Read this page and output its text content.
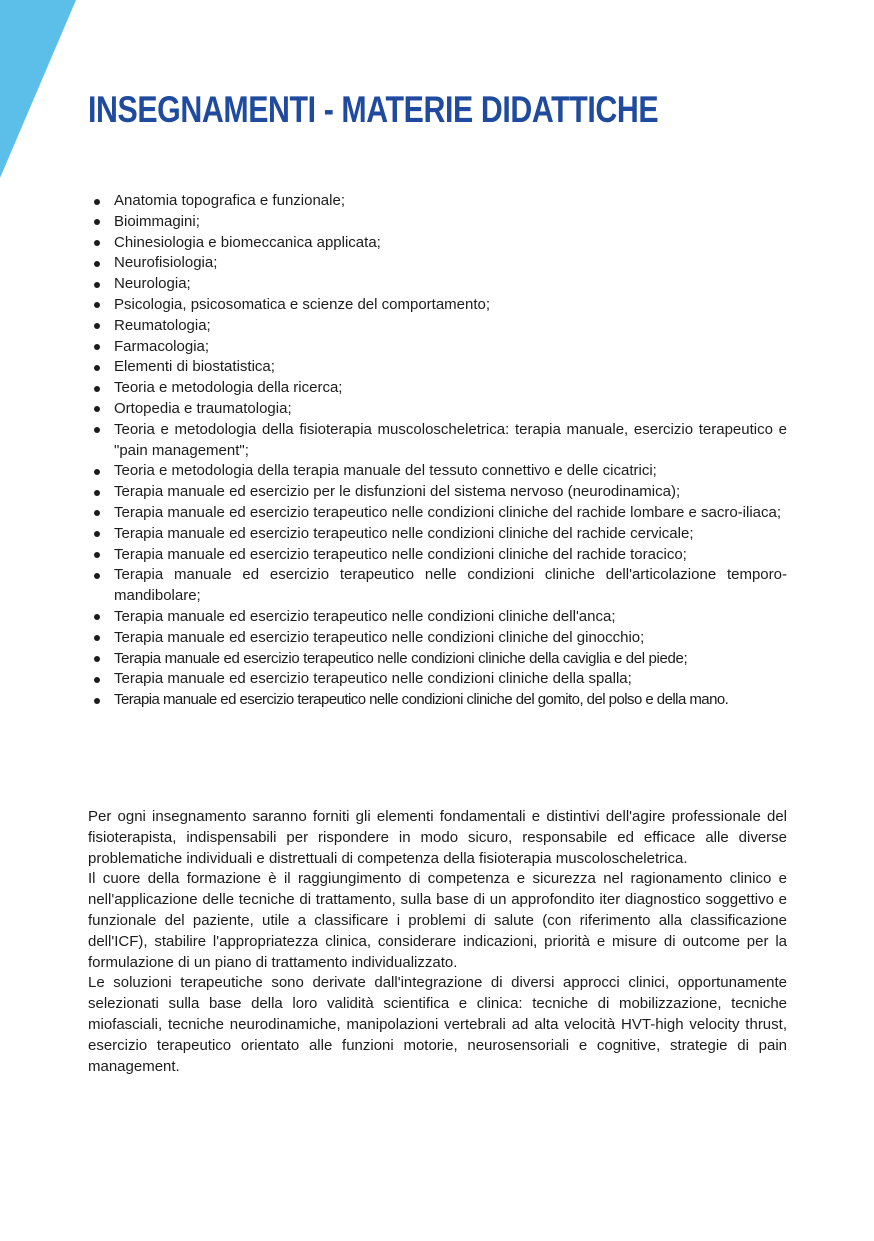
INSEGNAMENTI - MATERIE DIDATTICHE
Anatomia topografica e funzionale;
Bioimmagini;
Chinesiologia e biomeccanica applicata;
Neurofisiologia;
Neurologia;
Psicologia, psicosomatica e scienze del comportamento;
Reumatologia;
Farmacologia;
Elementi di biostatistica;
Teoria e metodologia della ricerca;
Ortopedia e traumatologia;
Teoria e metodologia della fisioterapia muscoloscheletrica: terapia manuale, esercizio terapeutico e "pain management";
Teoria e metodologia della terapia manuale del tessuto connettivo e delle cicatrici;
Terapia manuale ed esercizio per le disfunzioni del sistema nervoso (neurodinamica);
Terapia manuale ed esercizio terapeutico nelle condizioni cliniche del rachide lombare e sacro-iliaca;
Terapia manuale ed esercizio terapeutico nelle condizioni cliniche del rachide cervicale;
Terapia manuale ed esercizio terapeutico nelle condizioni cliniche del rachide toracico;
Terapia manuale ed esercizio terapeutico nelle condizioni cliniche dell'articolazione temporo-mandibolare;
Terapia manuale ed esercizio terapeutico nelle condizioni cliniche dell'anca;
Terapia manuale ed esercizio terapeutico nelle condizioni cliniche del ginocchio;
Terapia manuale ed esercizio terapeutico nelle condizioni cliniche della caviglia e del piede;
Terapia manuale ed esercizio terapeutico nelle condizioni cliniche della spalla;
Terapia manuale ed esercizio terapeutico nelle condizioni cliniche del gomito, del polso e della mano.

Per ogni insegnamento saranno forniti gli elementi fondamentali e distintivi dell'agire professionale del fisioterapista, indispensabili per rispondere in modo sicuro, responsabile ed efficace alle diverse problematiche individuali e distrettuali di competenza della fisioterapia muscoloscheletrica.

Il cuore della formazione è il raggiungimento di competenza e sicurezza nel ragionamento clinico e nell'applicazione delle tecniche di trattamento, sulla base di un approfondito iter diagnostico soggettivo e funzionale del paziente, utile a classificare i problemi di salute (con riferimento alla classificazione dell'ICF), stabilire l'appropriatezza clinica, considerare indicazioni, priorità e misure di outcome per la formulazione di un piano di trattamento individualizzato.

Le soluzioni terapeutiche sono derivate dall'integrazione di diversi approcci clinici, opportunamente selezionati sulla base della loro validità scientifica e clinica: tecniche di mobilizzazione, tecniche miofasciali, tecniche neurodinamiche, manipolazioni vertebrali ad alta velocità HVT-high velocity thrust, esercizio terapeutico orientato alle funzioni motorie, neurosensoriali e cognitive, strategie di pain management.
